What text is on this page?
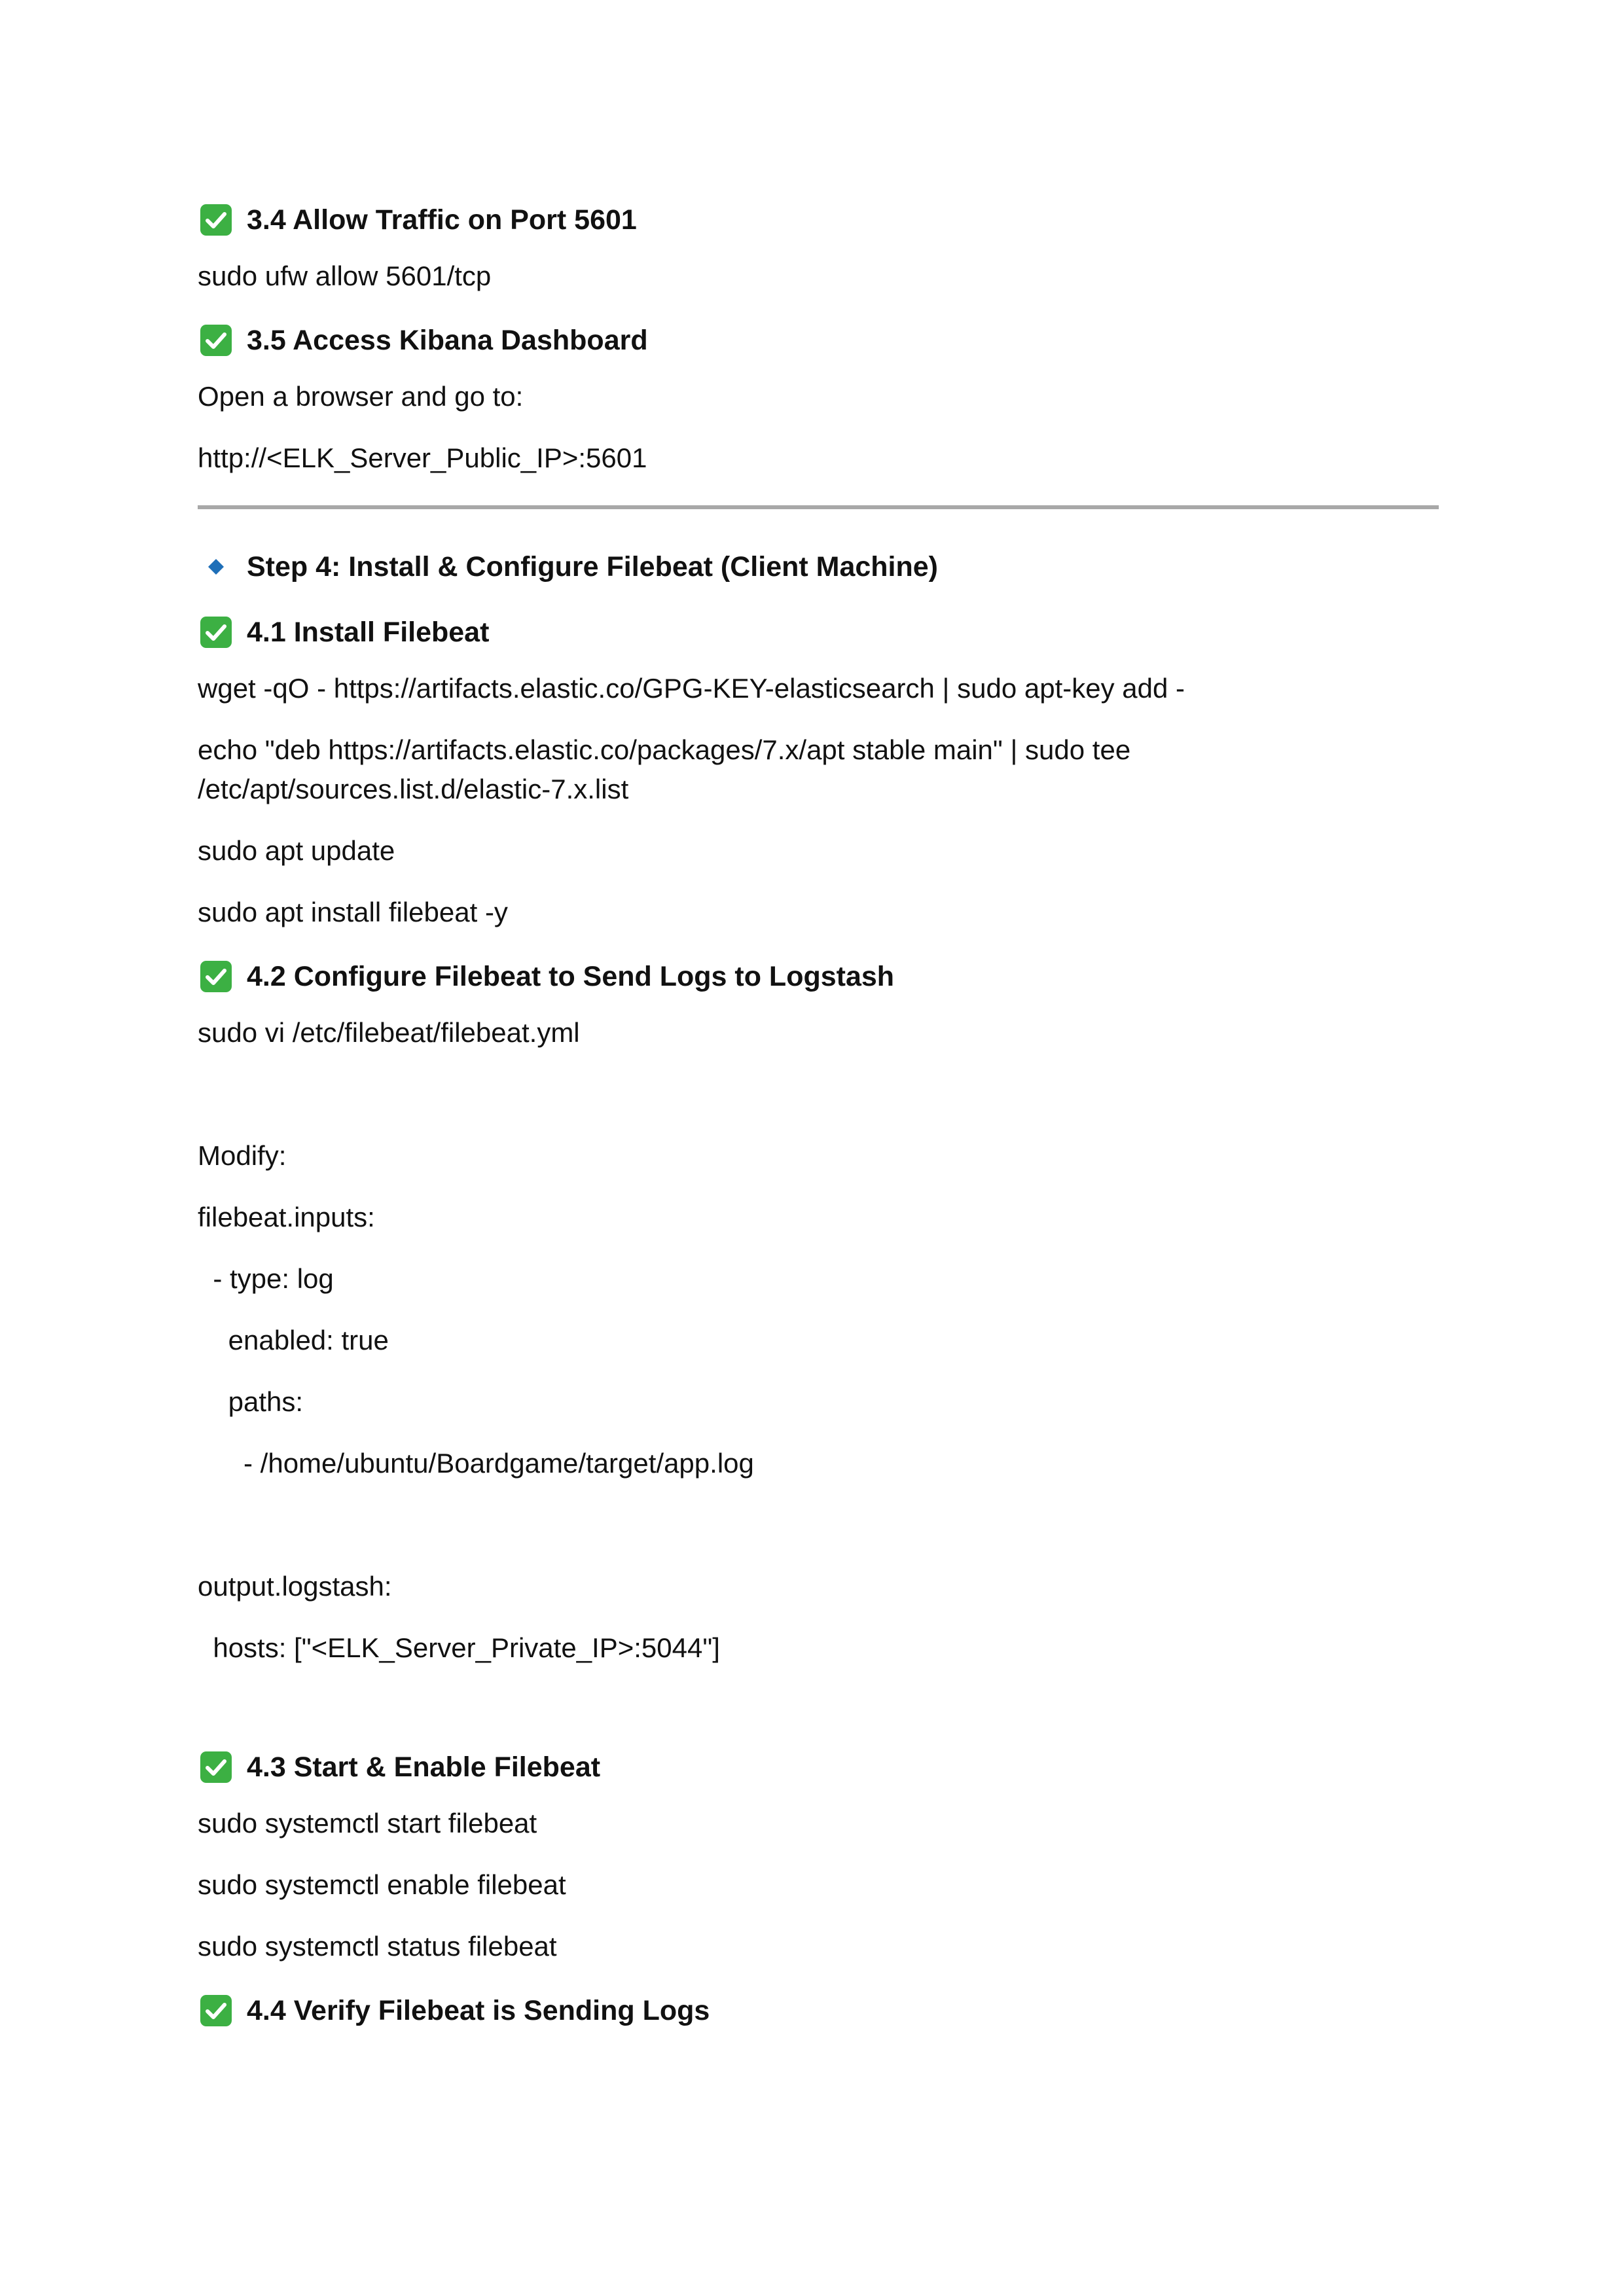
3.4 Allow Traffic on Port 5601
sudo ufw allow 5601/tcp
3.5 Access Kibana Dashboard
Open a browser and go to:
http://<ELK_Server_Public_IP>:5601
Step 4: Install & Configure Filebeat (Client Machine)
4.1 Install Filebeat
wget -qO - https://artifacts.elastic.co/GPG-KEY-elasticsearch | sudo apt-key add -
echo "deb https://artifacts.elastic.co/packages/7.x/apt stable main" | sudo tee
/etc/apt/sources.list.d/elastic-7.x.list
sudo apt update
sudo apt install filebeat -y
4.2 Configure Filebeat to Send Logs to Logstash
sudo vi /etc/filebeat/filebeat.yml
Modify:
filebeat.inputs:
- type: log
enabled: true
paths:
- /home/ubuntu/Boardgame/target/app.log
output.logstash:
hosts: ["<ELK_Server_Private_IP>:5044"]
4.3 Start & Enable Filebeat
sudo systemctl start filebeat
sudo systemctl enable filebeat
sudo systemctl status filebeat
4.4 Verify Filebeat is Sending Logs
